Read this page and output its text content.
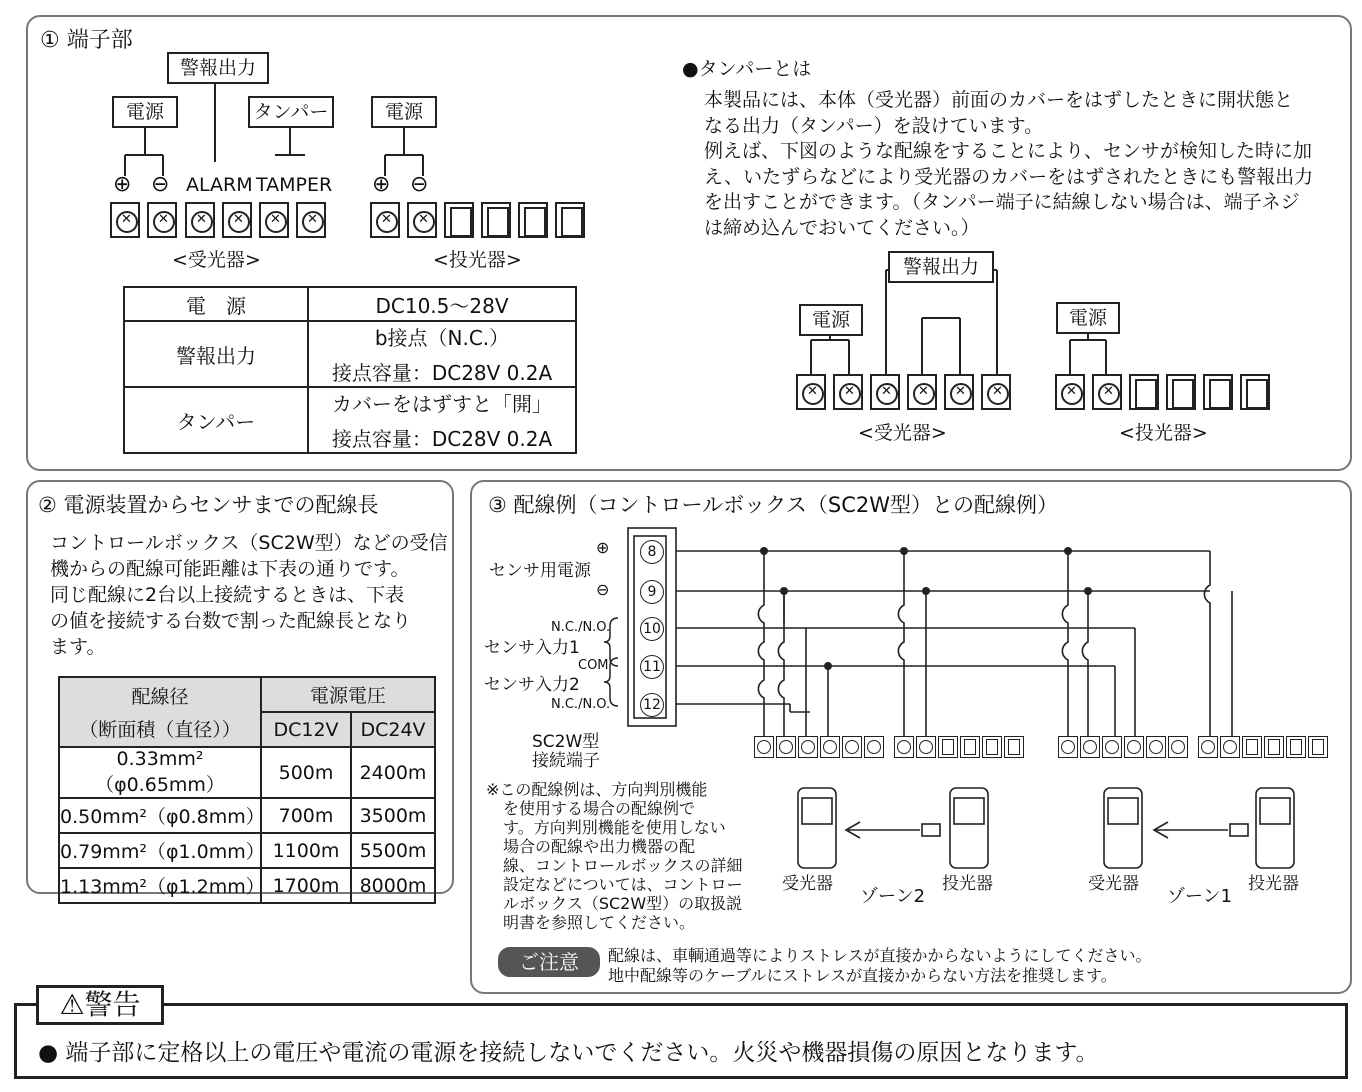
① 端子部
警報出力
電源	タンパー	電源
⊕ ⊖ ALARM TAMPER ⊕ ⊖
✕
✕
✕
✕
✕
✕
✕
✕
<受光器>	<投光器>
電　源	DC10.5～28V
警報出力	b接点（N.C.）
接点容量：DC28V 0.2A

タンパー	カバーをはずすと「開」
接点容量：DC28V 0.2A
●タンパーとは
本製品には、本体（受光器）前面のカバーをはずしたときに開状態と
なる出力（タンパー）を設けています。
例えば、下図のような配線をすることにより、センサが検知した時に加
え、いたずらなどにより受光器のカバーをはずされたときにも警報出力
を出すことができます。（タンパー端子に結線しない場合は、端子ネジ
は締め込んでおいてください。）
警報出力
電源	電源
✕
✕
✕
✕
✕
✕
✕
✕
<受光器>	<投光器>
② 電源装置からセンサまでの配線長
コントロールボックス（SC2W型）などの受信
機からの配線可能距離は下表の通りです。
同じ配線に2台以上接続するときは、下表
の値を接続する台数で割った配線長となり
ます。
配線径
（断面積（直径））	電源電圧	
	DC12V	DC24V
0.33mm²（φ0.65mm）	500m	2400m
0.50mm²（φ0.8mm）	700m	3500m
0.79mm²（φ1.0mm）	1100m	5500m
1.13mm²（φ1.2mm）	1700m	8000m
③ 配線例（コントロールボックス（SC2W型）との配線例）
8
9
10
11
12
⊕
センサ用電源
⊖
N.C./N.O.
センサ入力1
COM
センサ入力2
N.C./N.O.
SC2W型
接続端子
※この配線例は、方向判別機能
を使用する場合の配線例で
す。方向判別機能を使用しない
場合の配線や出力機器の配
線、コントロールボックスの詳細
設定などについては、コントロー
ルボックス（SC2W型）の取扱説
明書を参照してください。
受光器
ゾーン2
投光器	受光器
ゾーン1
投光器
ご注意	配線は、車輌通過等によりストレスが直接かからないようにしてください。
地中配線等のケーブルにストレスが直接かからない方法を推奨します。
⚠警告
● 端子部に定格以上の電圧や電流の電源を接続しないでください。火災や機器損傷の原因となります。
